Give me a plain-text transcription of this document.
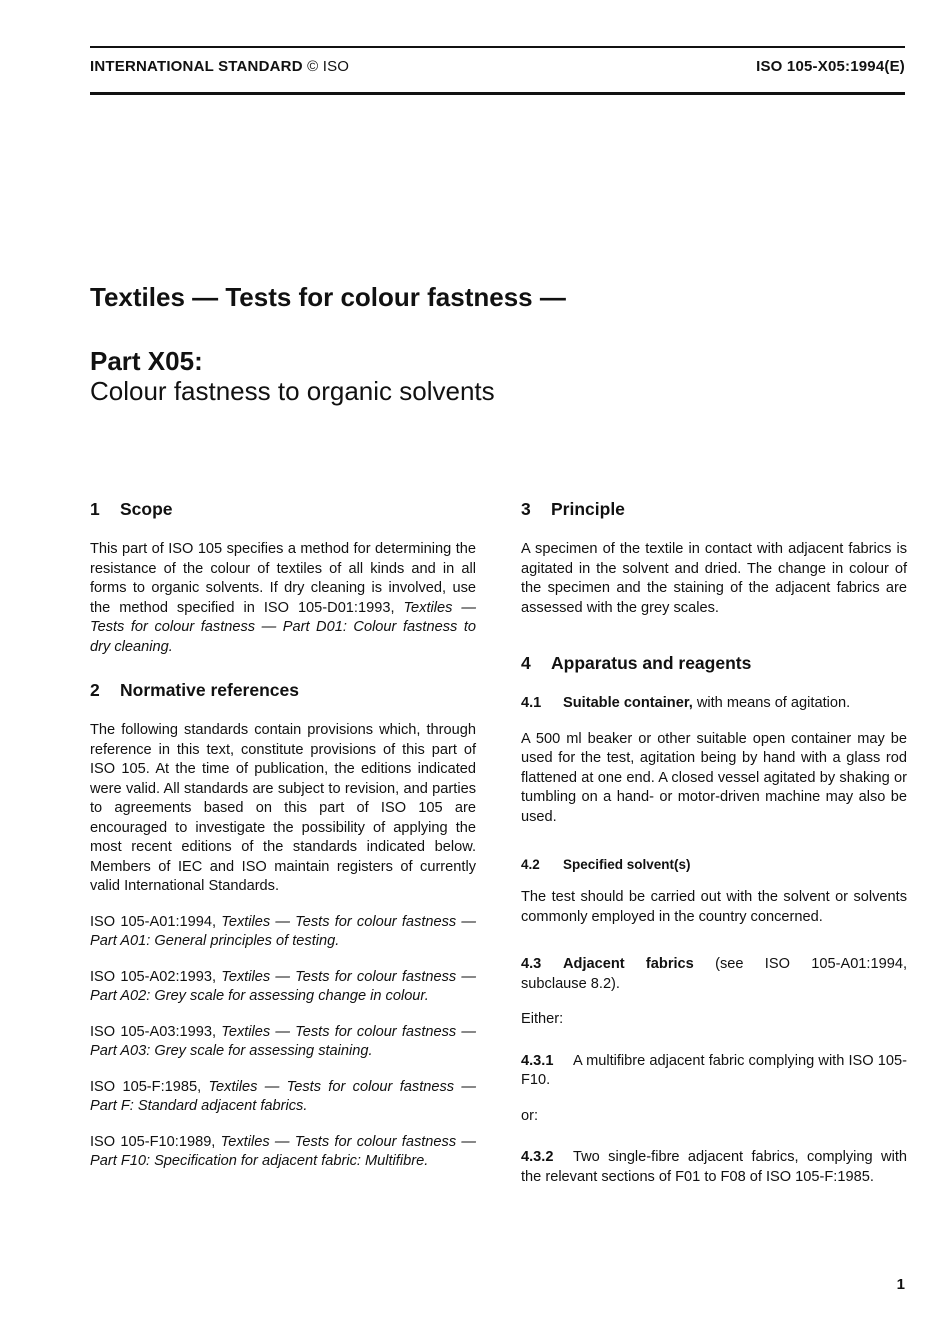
INTERNATIONAL STANDARD © ISO	ISO 105-X05:1994(E)
Textiles — Tests for colour fastness —
Part X05:
Colour fastness to organic solvents
1 Scope

This part of ISO 105 specifies a method for determining the resistance of the colour of textiles of all kinds and in all forms to organic solvents. If dry cleaning is involved, use the method specified in ISO 105-D01:1993, Textiles — Tests for colour fastness — Part D01: Colour fastness to dry cleaning.

2 Normative references

The following standards contain provisions which, through reference in this text, constitute provisions of this part of ISO 105. At the time of publication, the editions indicated were valid. All standards are subject to revision, and parties to agreements based on this part of ISO 105 are encouraged to investigate the possibility of applying the most recent editions of the standards indicated below. Members of IEC and ISO maintain registers of currently valid International Standards.

ISO 105-A01:1994, Textiles — Tests for colour fastness — Part A01: General principles of testing.

ISO 105-A02:1993, Textiles — Tests for colour fastness — Part A02: Grey scale for assessing change in colour.

ISO 105-A03:1993, Textiles — Tests for colour fastness — Part A03: Grey scale for assessing staining.

ISO 105-F:1985, Textiles — Tests for colour fastness — Part F: Standard adjacent fabrics.

ISO 105-F10:1989, Textiles — Tests for colour fastness — Part F10: Specification for adjacent fabric: Multifibre.

3 Principle

A specimen of the textile in contact with adjacent fabrics is agitated in the solvent and dried. The change in colour of the specimen and the staining of the adjacent fabrics are assessed with the grey scales.

4 Apparatus and reagents

4.1 Suitable container, with means of agitation.

A 500 ml beaker or other suitable open container may be used for the test, agitation being by hand with a glass rod flattened at one end. A closed vessel agitated by shaking or tumbling on a hand- or motor-driven machine may also be used.

4.2 Specified solvent(s)

The test should be carried out with the solvent or solvents commonly employed in the country concerned.

4.3 Adjacent fabrics (see ISO 105-A01:1994, subclause 8.2).

Either:

4.3.1 A multifibre adjacent fabric complying with ISO 105-F10.

or:

4.3.2 Two single-fibre adjacent fabrics, complying with the relevant sections of F01 to F08 of ISO 105-F:1985.

1
